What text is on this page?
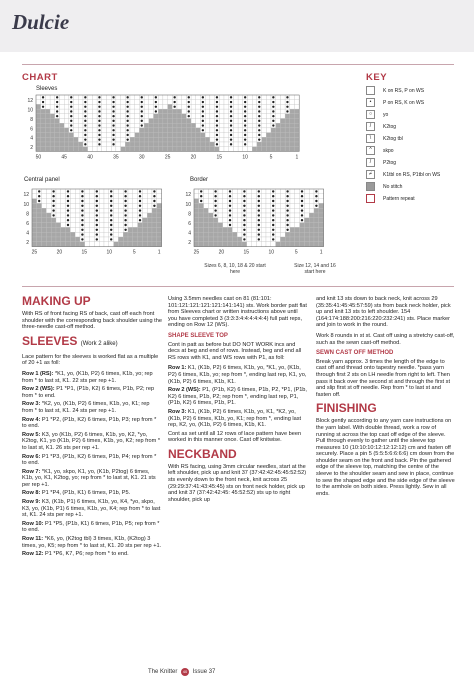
Dulcie
CHART
Sleeves
12
10
8
6
4
2
50	45	40	35	30	25	20	15	10	5	1
Central panel
12
10
8
6
4
2
25	20	15	10	5	1
Border
12
10
8
6
4
2
25	20	15	10	5	1
Sizes 6, 8, 10, 18 & 20 start here
Size 12, 14 and 16 start here
KEY
K on RS, P on WS
•	P on RS, K on WS
○	yo
/	K2tog
\	K2tog tbl
^	skpo
/	P2tog
⌿	K1tbl on RS, P1tbl on WS
No stitch
Pattern repeat
MAKING UP

With RS of front facing RS of back, cast off each front shoulder with the corresponding back shoulder using the three-needle cast-off method.

SLEEVES (Work 2 alike)

Lace pattern for the sleeves is worked flat as a multiple of 20 +1 as foll:

Row 1 (RS): *K1, yo, (K1b, P2) 6 times, K1b, yo; rep from * to last st, K1. 22 sts per rep +1.

Row 2 (WS): P1 *P1, (P1b, K2) 6 times, P1b, P2; rep from * to end.

Row 3: *K2, yo, (K1b, P2) 6 times, K1b, yo, K1; rep from * to last st, K1. 24 sts per rep +1.

Row 4: P1 *P2, (P1b, K2) 6 times, P1b, P3; rep from * to end.

Row 5: K3, yo (K1b, P2) 6 times, K1b, yo, K2, *yo, K2tog, K1, yo (K1b, P2) 6 times, K1b, yo, K2; rep from * to last st, K1. 26 sts per rep +1.

Row 6: P1 *P3, (P1b, K2) 6 times, P1b, P4; rep from * to end.

Row 7: *K1, yo, skpo, K1, yo, (K1b, P2tog) 6 times, K1b, yo, K1, K2tog, yo; rep from * to last st, K1. 21 sts per rep +1.

Row 8: P1 *P4, (P1b, K1) 6 times, P1b, P5.

Row 9: K3, (K1b, P1) 6 times, K1b, yo, K4, *yo, skpo, K3, yo, (K1b, P1) 6 times, K1b, yo, K4; rep from * to last st, K1. 24 sts per rep +1.

Row 10: P1 *P5, (P1b, K1) 6 times, P1b, P5; rep from * to end.

Row 11: *K6, yo, (K2tog tbl) 3 times, K1b, (K2tog) 3 times, yo, K5; rep from * to last st, K1. 20 sts per rep +1.

Row 12: P1 *P6, K7, P6; rep from * to end.

Using 3.5mm needles cast on 81 (81:101: 101:121:121:121:121:141:141) sts. Work border patt flat from Sleeves chart or written instructions above until you have completed 3 (3:3:3:4:4:4:4:4:4) full patt reps, ending on Row 12 (WS).

SHAPE SLEEVE TOP

Cont in patt as before but DO NOT WORK incs and decs at beg and end of rows. Instead, beg and end all RS rows with K1, and WS rows with P1, as foll:

Row 1: K1, (K1b, P2) 6 times, K1b, yo, *K1, yo, (K1b, P2) 6 times, K1b, yo; rep from *, ending last rep, K1, yo, (K1b, P2) 6 times, K1b, K1.

Row 2 (WS): P1, (P1b, K2) 6 times, P1b, P2, *P1, (P1b, K2) 6 times, P1b, P2; rep from *, ending last rep, P1, (P1b, K2) 6 times, P1b, P1.

Row 3: K1, (K1b, P2) 6 times, K1b, yo, K1, *K2, yo, (K1b, P2) 6 times, K1b, yo, K1; rep from *, ending last rep, K2, yo, (K1b, P2) 6 times, K1b, K1.

Cont as set until all 12 rows of lace pattern have been worked in this manner once. Cast off knitwise.

NECKBAND

With RS facing, using 3mm circular needles, start at the left shoulder, pick up and knit 37 (37:42:42:45:45:52:52) sts evenly down to the front neck, knit across 25 (29:29:37:41:43:45:45) sts on front neck holder, pick up and knit 37 (37:42:42:45: 45:52:52) sts up to right shoulder, pick up

and knit 13 sts down to back neck, knit across 29 (35:35:41:45:45:57:59) sts from back neck holder, pick up and knit 13 sts to left shoulder. 154 (164:174:188:200:216:220:232:241) sts. Place marker and join to work in the round.

Work 8 rounds in st st. Cast off using a stretchy cast-off, such as the sewn cast-off method.

SEWN CAST OFF METHOD

Break yarn approx. 3 times the length of the edge to cast off and thread onto tapestry needle. *pass yarn through first 2 sts on LH needle from right to left. Then pass it back over the second st and through the first st and slip first st off needle. Rep from * to last st and fasten off.

FINISHING

Block gently according to any yarn care instructions on the yarn label. With double thread, work a row of running st across the top cast off edge of the sleeve. Pull through evenly to gather until the sleeve top measures 10 (10:10:10:12:12:12:12) cm and fasten off securely. Place a pin 5 (5:5:5:6:6:6:6) cm down from the shoulder seam on the front and back. Pin the gathered edge of the sleeve top, matching the centre of the sleeve to the shoulder seam and sew in place, continue to sew the shaped edge and the side edge of the sleeve to the armhole on both sides. Press lightly. Sew in all ends.

The Knitter 40 Issue 37
